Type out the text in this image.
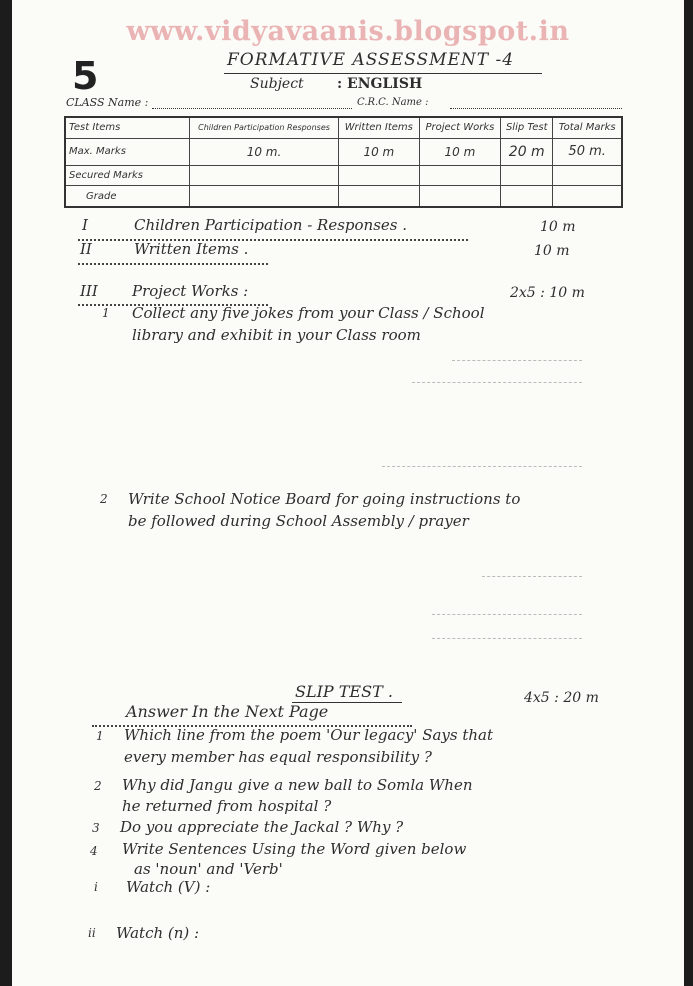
www.vidyavaanis.blogspot.in
5	FORMATIVE ASSESSMENT -4
Subject : ENGLISH
CLASS Name :	C.R.C. Name :
Test Items	Children Participation Responses	Written Items	Project Works	Slip Test	Total Marks
Max. Marks	10 m.	10 m	10 m	20 m	50 m.
Secured Marks					
Grade					
I	Children Participation - Responses .	10 m
II	Written Items .	10 m
III Project Works :	2x5 : 10 m
1 Collect any five jokes from your Class / School
library and exhibit in your Class room
2 Write School Notice Board for going instructions to
be followed during School Assembly / prayer
SLIP TEST .	4x5 : 20 m
Answer In the Next Page
1 Which line from the poem 'Our legacy' Says that
every member has equal responsibility ?
2 Why did Jangu give a new ball to Somla When
he returned from hospital ?
3 Do you appreciate the Jackal ? Why ?
4 Write Sentences Using the Word given below
as 'noun' and 'Verb'
i Watch (V) :
ii Watch (n) :
